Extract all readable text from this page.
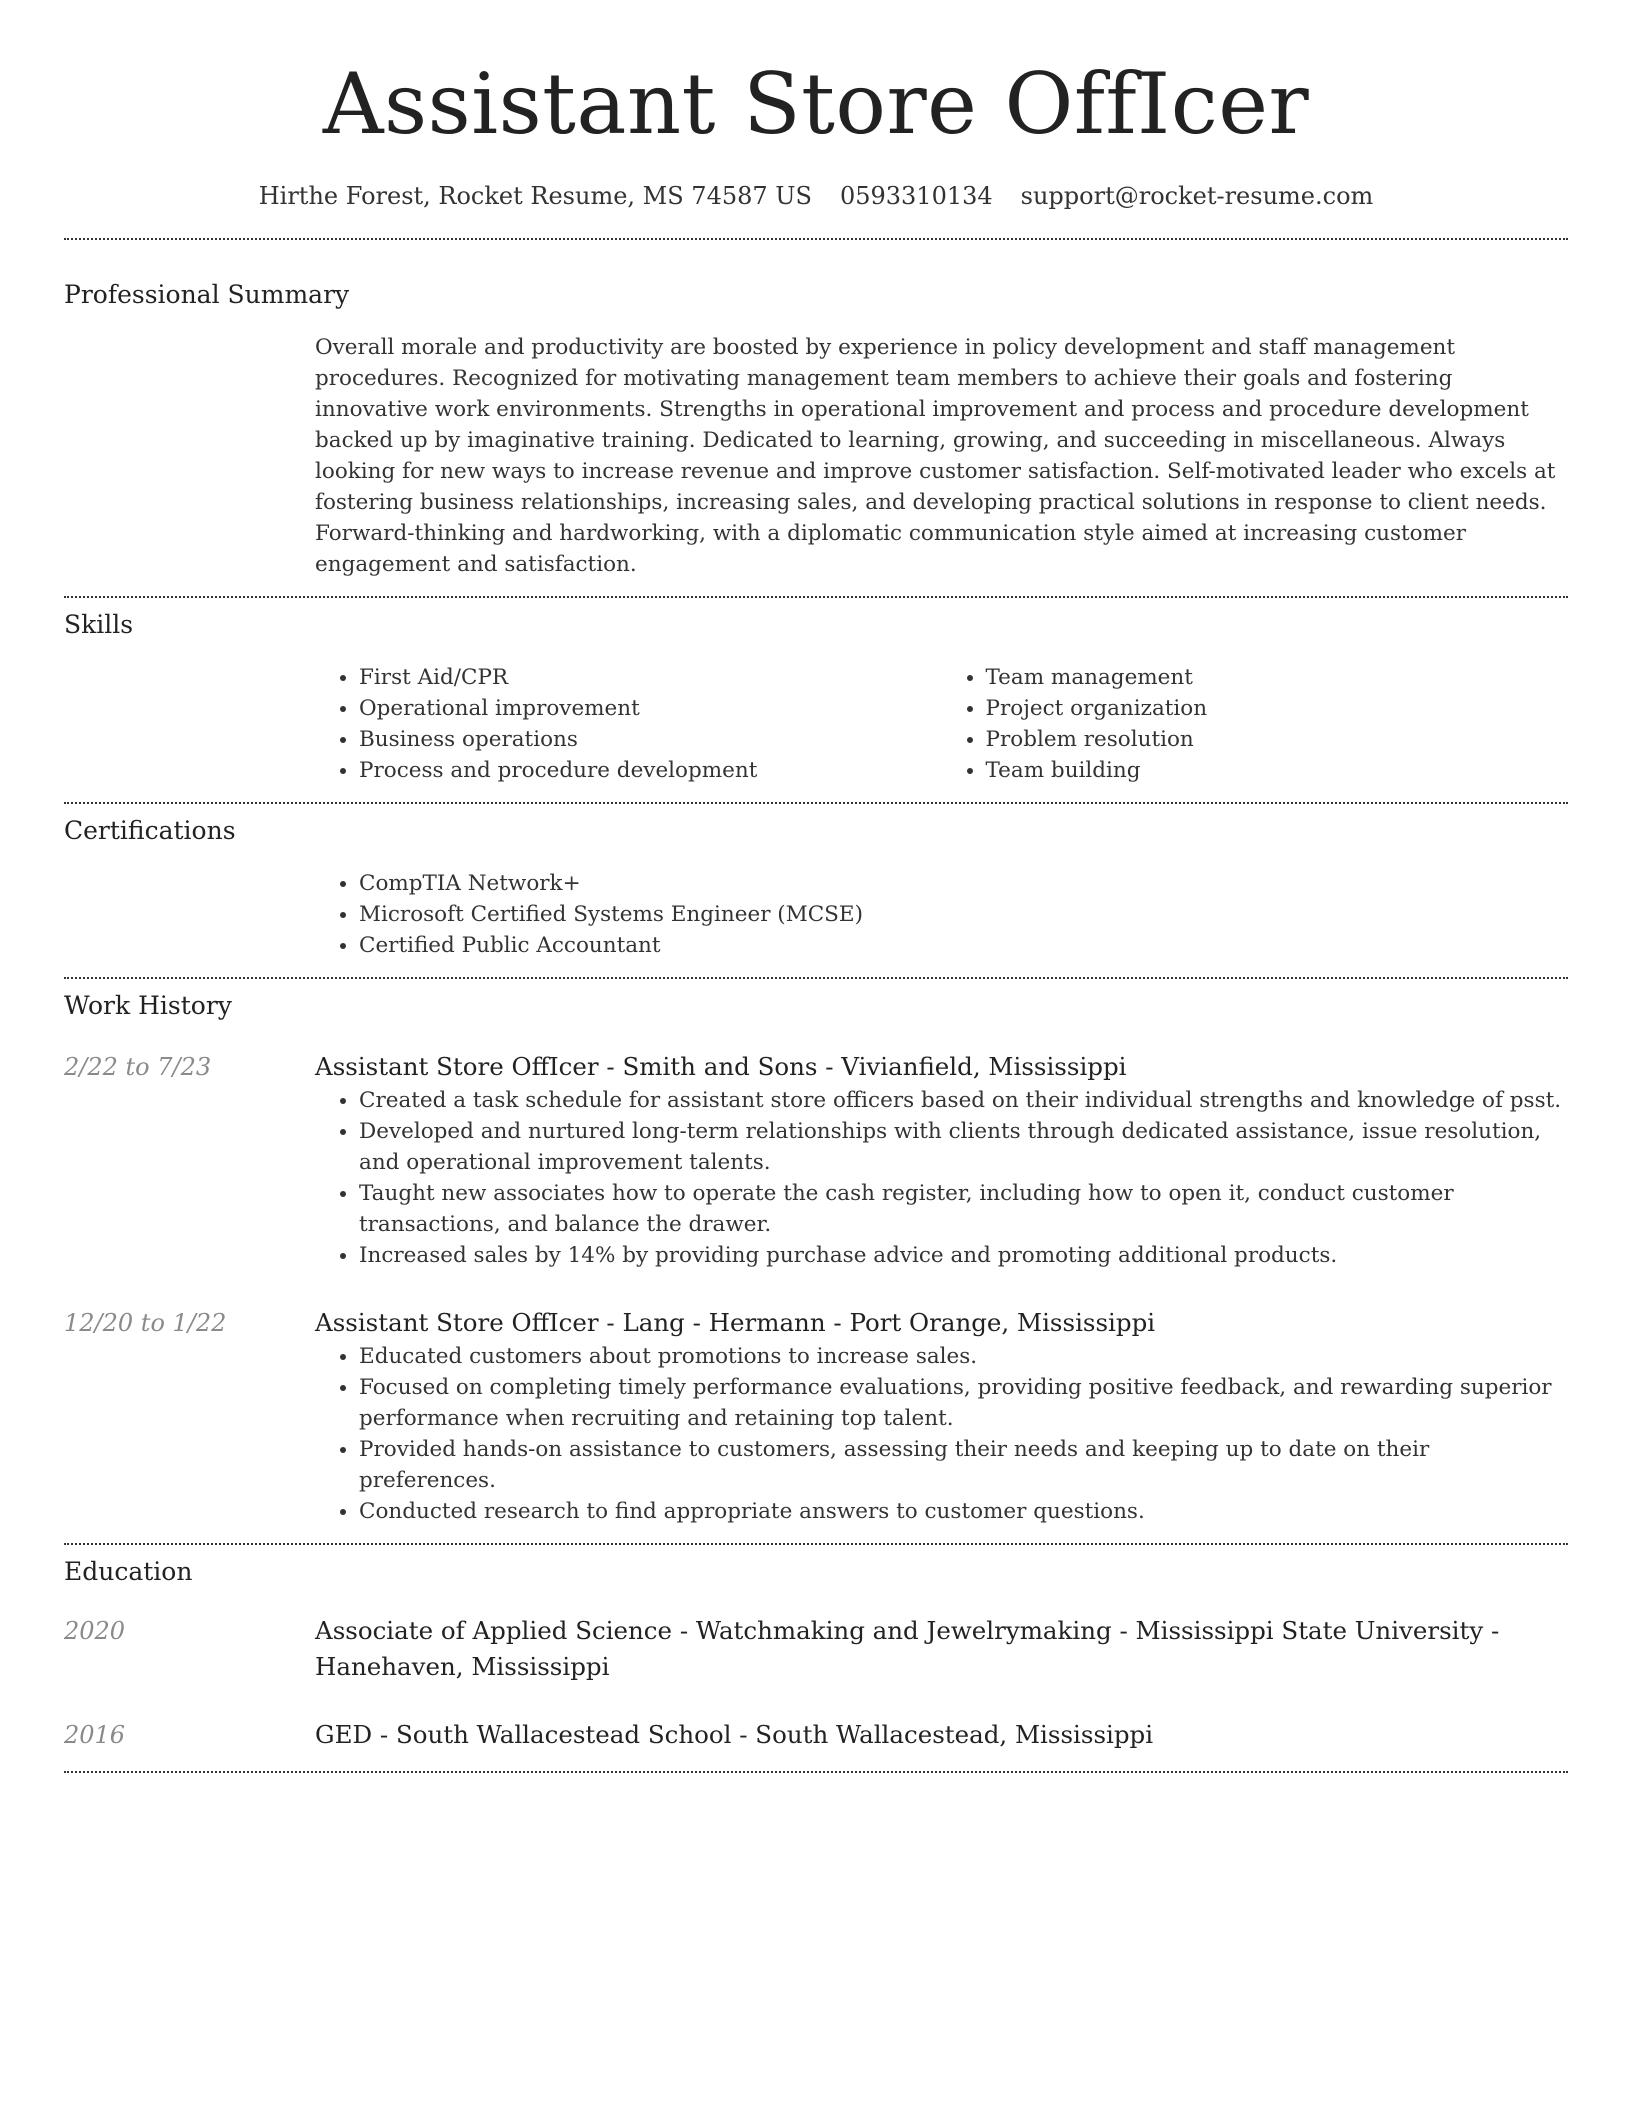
Assistant Store OffIcer
Hirthe Forest, Rocket Resume, MS 74587 US 0593310134 support@rocket-resume.com
Professional Summary

Overall morale and productivity are boosted by experience in policy development and staff management procedures. Recognized for motivating management team members to achieve their goals and fostering innovative work environments. Strengths in operational improvement and process and procedure development backed up by imaginative training. Dedicated to learning, growing, and succeeding in miscellaneous. Always looking for new ways to increase revenue and improve customer satisfaction. Self-motivated leader who excels at fostering business relationships, increasing sales, and developing practical solutions in response to client needs. Forward-thinking and hardworking, with a diplomatic communication style aimed at increasing customer engagement and satisfaction.

Skills
• First Aid/CPR
• Operational improvement
• Business operations
• Process and procedure development
• Team management
• Project organization
• Problem resolution
• Team building
Certifications
• CompTIA Network+
• Microsoft Certified Systems Engineer (MCSE)
• Certified Public Accountant
Work History
2/22 to 7/23	Assistant Store OffIcer - Smith and Sons - Vivianfield, Mississippi
• Created a task schedule for assistant store officers based on their individual strengths and knowledge of psst.
• Developed and nurtured long-term relationships with clients through dedicated assistance, issue resolution, and operational improvement talents.
• Taught new associates how to operate the cash register, including how to open it, conduct customer transactions, and balance the drawer.
• Increased sales by 14% by providing purchase advice and promoting additional products.
12/20 to 1/22	Assistant Store OffIcer - Lang - Hermann - Port Orange, Mississippi
• Educated customers about promotions to increase sales.
• Focused on completing timely performance evaluations, providing positive feedback, and rewarding superior performance when recruiting and retaining top talent.
• Provided hands-on assistance to customers, assessing their needs and keeping up to date on their preferences.
• Conducted research to find appropriate answers to customer questions.
Education
2020	Associate of Applied Science - Watchmaking and Jewelrymaking - Mississippi State University - Hanehaven, Mississippi
2016	GED - South Wallacestead School - South Wallacestead, Mississippi
